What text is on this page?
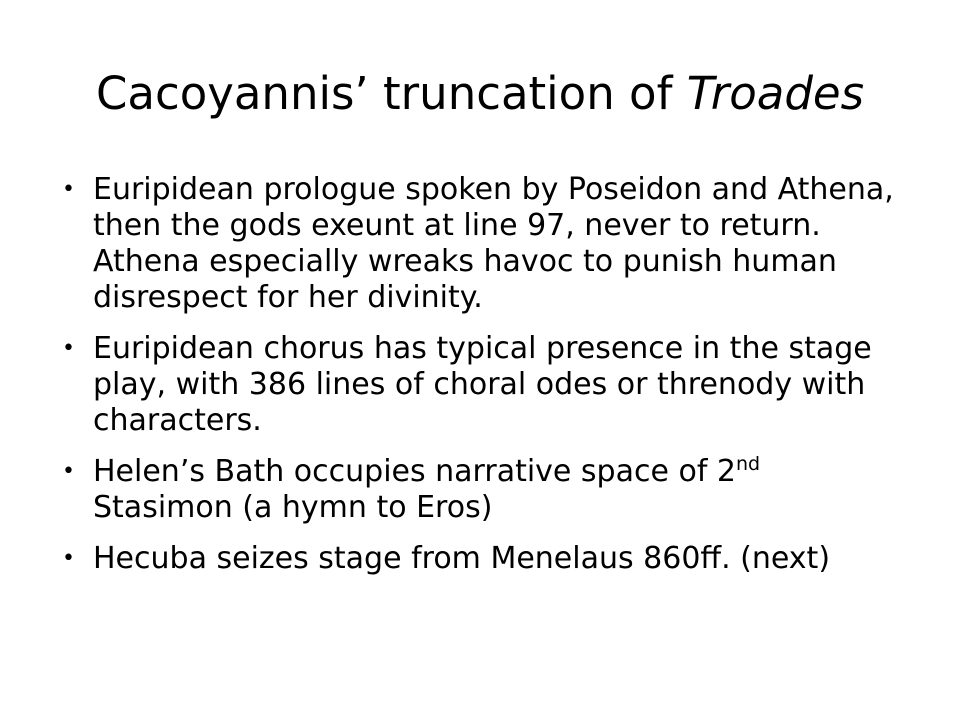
Cacoyannis’ truncation of Troades
• Euripidean prologue spoken by Poseidon and Athena, then the gods exeunt at line 97, never to return. Athena especially wreaks havoc to punish human disrespect for her divinity.
• Euripidean chorus has typical presence in the stage play, with 386 lines of choral odes or threnody with characters.
• Helen’s Bath occupies narrative space of 2nd Stasimon (a hymn to Eros)
• Hecuba seizes stage from Menelaus 860ff. (next)
